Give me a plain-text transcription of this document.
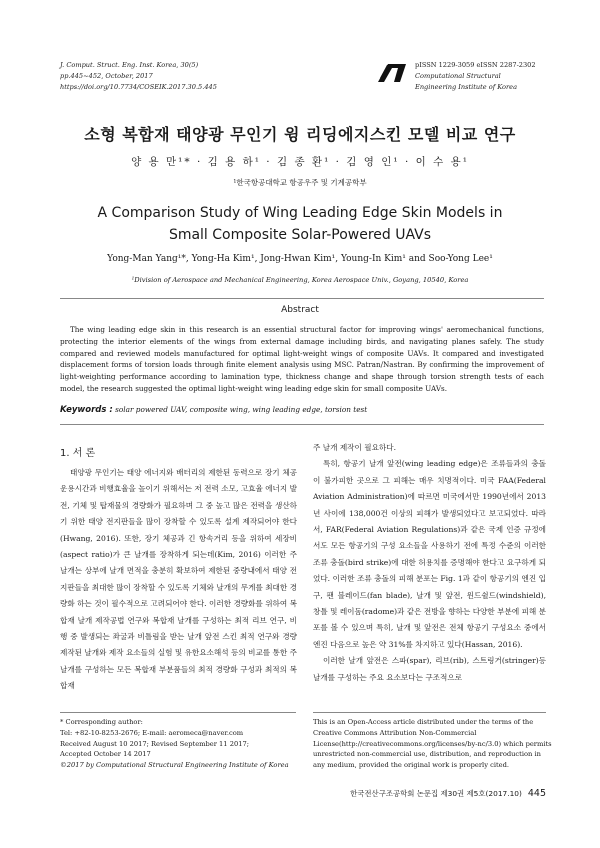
J. Comput. Struct. Eng. Inst. Korea, 30(5)
pp.445~452, October, 2017
https://doi.org/10.7734/COSEIK.2017.30.5.445
pISSN 1229-3059 eISSN 2287-2302
Computational Structural
Engineering Institute of Korea
소형 복합재 태양광 무인기 윙 리딩에지스킨 모델 비교 연구
양 용 만¹* · 김 용 하¹ · 김 종 환¹ · 김 영 인¹ · 이 수 용¹
¹한국항공대학교 항공우주 및 기계공학부
A Comparison Study of Wing Leading Edge Skin Models in
Small Composite Solar-Powered UAVs
Yong-Man Yang¹*, Yong-Ha Kim¹, Jong-Hwan Kim¹, Young-In Kim¹ and Soo-Yong Lee¹
¹Division of Aerospace and Mechanical Engineering, Korea Aerospace Univ., Goyang, 10540, Korea
Abstract
The wing leading edge skin in this research is an essential structural factor for improving wings' aeromechanical functions, protecting the interior elements of the wings from external damage including birds, and navigating planes safely. The study compared and reviewed models manufactured for optimal light-weight wings of composite UAVs. It compared and investigated displacement forms of torsion loads through finite element analysis using MSC. Patran/Nastran. By confirming the improvement of light-weighting performance according to lamination type, thickness change and shape through torsion strength tests of each model, the research suggested the optimal light-weight wing leading edge skin for small composite UAVs.
Keywords : solar powered UAV, composite wing, wing leading edge, torsion test
1. 서 론

태양광 무인기는 태양 에너지와 배터리의 제한된 동력으로 장기 체공 운용시간과 비행효율을 높이기 위해서는 저 전력 소모, 고효율 에너지 발전, 기체 및 탑재물의 경량화가 필요하며 그 중 높고 많은 전력을 생산하기 위한 태양 전지판들을 많이 장착할 수 있도록 설계 제작되어야 한다(Hwang, 2016). 또한, 장기 체공과 긴 항속거리 등을 위하여 세장비(aspect ratio)가 큰 날개를 장착하게 되는데(Kim, 2016) 이러한 주 날개는 상부에 날개 면적을 충분히 확보하여 제한된 중량내에서 태양 전지판들을 최대한 많이 장착할 수 있도록 기체와 날개의 무게를 최대한 경량화 하는 것이 필수적으로 고려되어야 한다. 이러한 경량화를 위하여 복합재 날개 제작공법 연구와 복합재 날개를 구성하는 최적 리브 연구, 비행 중 발생되는 좌굴과 비틀림을 받는 날개 앞전 스킨 최적 연구와 경량 제작된 날개와 제작 요소들의 실험 및 유한요소해석 등의 비교를 통한 주 날개를 구성하는 모든 복합재 부분품들의 최적 경량화 구성과 최적의 복합재

주 날개 제작이 필요하다.

특히, 항공기 날개 앞전(wing leading edge)은 조류들과의 충돌이 불가피한 곳으로 그 피해는 매우 치명적이다. 미국 FAA(Federal Aviation Administration)에 따르면 미국에서만 1990년에서 2013년 사이에 138,000건 이상의 피해가 발생되었다고 보고되었다. 따라서, FAR(Federal Aviation Regulations)과 같은 국제 인증 규정에서도 모든 항공기의 구성 요소들을 사용하기 전에 특정 수준의 이러한 조류 충돌(bird strike)에 대한 허용치를 증명해야 한다고 요구하게 되었다. 이러한 조류 충돌의 피해 분포는 Fig. 1과 같이 항공기의 엔진 입구, 팬 블레이드(fan blade), 날개 및 앞전, 윈드쉴드(windshield), 창틀 및 레이돔(radome)과 같은 전방을 향하는 다양한 부분에 피해 분포를 볼 수 있으며 특히, 날개 및 앞전은 전체 항공기 구성요소 중에서 엔진 다음으로 높은 약 31%를 차지하고 있다(Hassan, 2016).

이러한 날개 앞전은 스파(spar), 리브(rib), 스트링거(stringer)등 날개를 구성하는 주요 요소보다는 구조적으로

* Corresponding author:
Tel: +82-10-8253-2676; E-mail: aeromeca@naver.com
Received August 10 2017; Revised September 11 2017;
Accepted October 14 2017
©2017 by Computational Structural Engineering Institute of Korea
This is an Open-Access article distributed under the terms of the Creative Commons Attribution Non-Commercial License(http://creativecommons.org/licenses/by-nc/3.0) which permits unrestricted non-commercial use, distribution, and reproduction in any medium, provided the original work is properly cited.
한국전산구조공학회 논문집 제30권 제5호(2017.10) 445
